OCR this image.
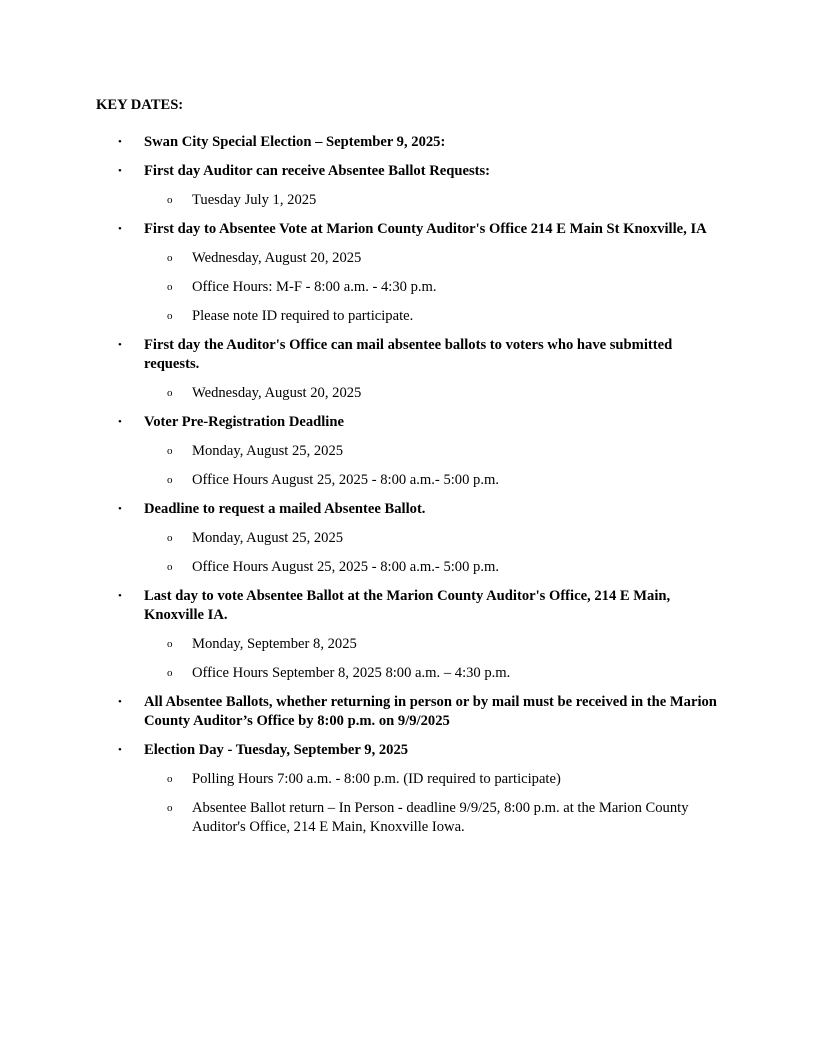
KEY DATES:
• Swan City Special Election – September 9, 2025:
• First day Auditor can receive Absentee Ballot Requests:
o Tuesday July 1, 2025
• First day to Absentee Vote at Marion County Auditor's Office 214 E Main St Knoxville, IA
o Wednesday, August 20, 2025
o Office Hours: M-F - 8:00 a.m. - 4:30 p.m.
o Please note ID required to participate.
• First day the Auditor's Office can mail absentee ballots to voters who have submitted requests.
o Wednesday, August 20, 2025
• Voter Pre-Registration Deadline
o Monday, August 25, 2025
o Office Hours August 25, 2025 - 8:00 a.m.- 5:00 p.m.
• Deadline to request a mailed Absentee Ballot.
o Monday, August 25, 2025
o Office Hours August 25, 2025 - 8:00 a.m.- 5:00 p.m.
• Last day to vote Absentee Ballot at the Marion County Auditor's Office, 214 E Main, Knoxville IA.
o Monday, September 8, 2025
o Office Hours September 8, 2025 8:00 a.m. – 4:30 p.m.
• All Absentee Ballots, whether returning in person or by mail must be received in the Marion County Auditor’s Office by 8:00 p.m. on 9/9/2025
• Election Day - Tuesday, September 9, 2025
o Polling Hours 7:00 a.m. - 8:00 p.m. (ID required to participate)
o Absentee Ballot return – In Person - deadline 9/9/25, 8:00 p.m. at the Marion County Auditor's Office, 214 E Main, Knoxville Iowa.
